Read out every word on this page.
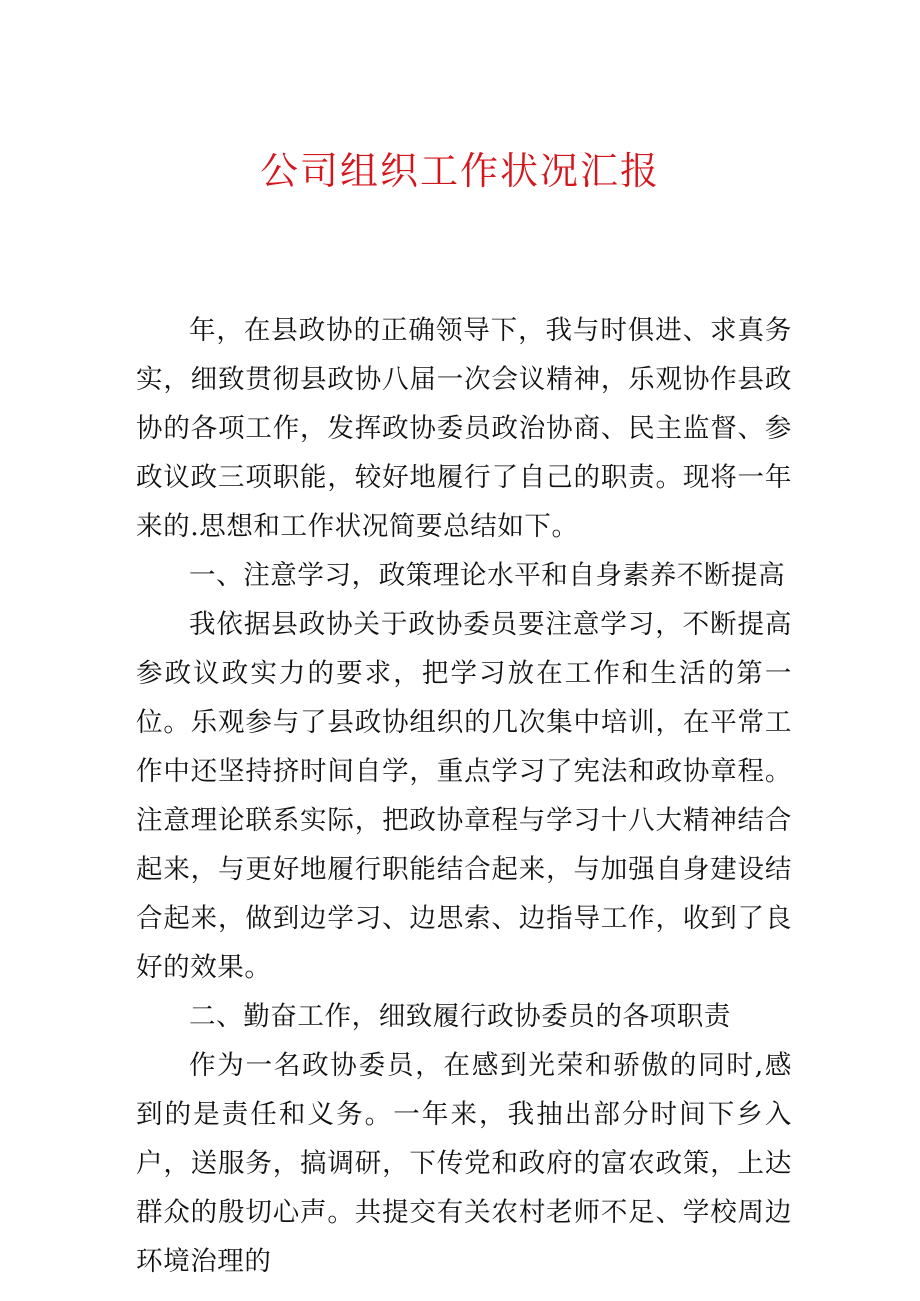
公司组织工作状况汇报

年，在县政协的正确领导下，我与时俱进、求真务实，细致贯彻县政协八届一次会议精神，乐观协作县政协的各项工作，发挥政协委员政治协商、民主监督、参政议政三项职能，较好地履行了自己的职责。现将一年来的.思想和工作状况简要总结如下。

一、注意学习，政策理论水平和自身素养不断提高

我依据县政协关于政协委员要注意学习，不断提高参政议政实力的要求，把学习放在工作和生活的第一位。乐观参与了县政协组织的几次集中培训，在平常工作中还坚持挤时间自学，重点学习了宪法和政协章程。注意理论联系实际，把政协章程与学习十八大精神结合起来，与更好地履行职能结合起来，与加强自身建设结合起来，做到边学习、边思索、边指导工作，收到了良好的效果。

二、勤奋工作，细致履行政协委员的各项职责

作为一名政协委员，在感到光荣和骄傲的同时,感到的是责任和义务。一年来，我抽出部分时间下乡入户，送服务，搞调研，下传党和政府的富农政策，上达群众的殷切心声。共提交有关农村老师不足、学校周边环境治理的
